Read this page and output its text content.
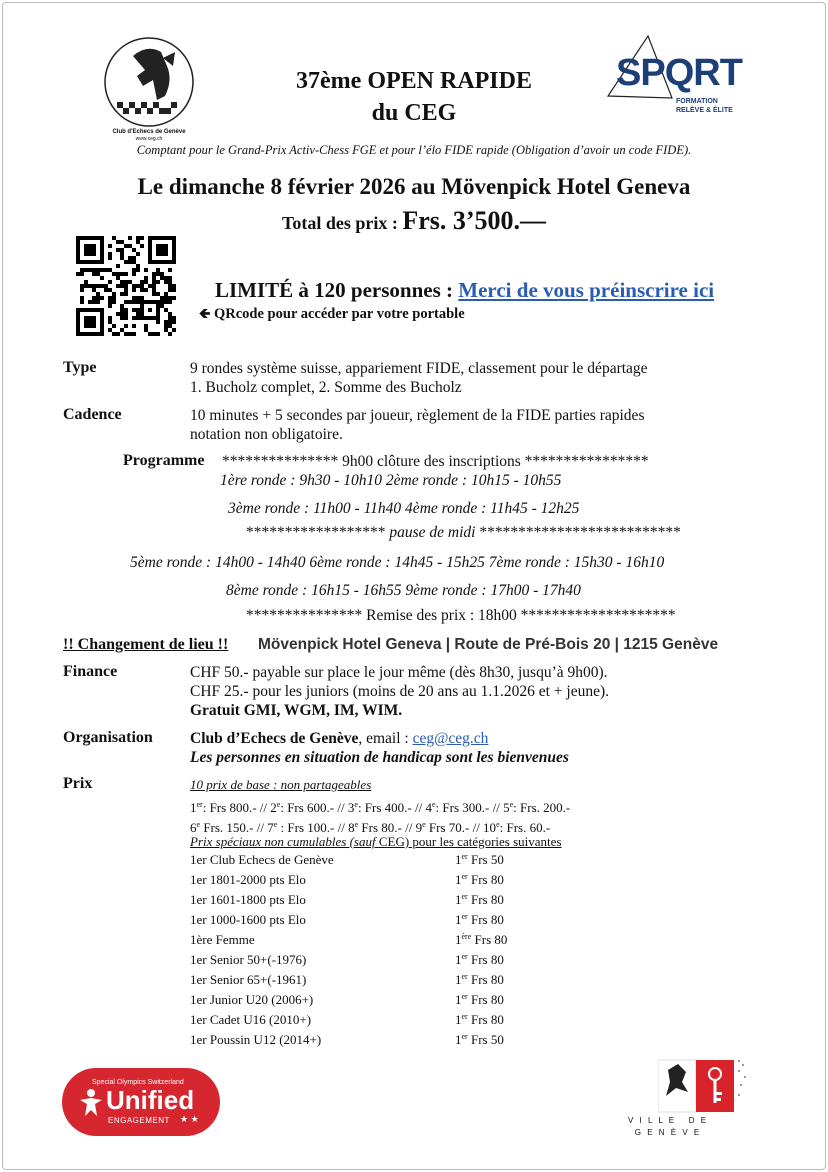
Club d'Echecs de Genève
www.ceg.ch
SPQRT
FORMATION
RELÈVE & ÉLITE
37ème OPEN RAPIDE
du CEG
Comptant pour le Grand-Prix Activ-Chess FGE et pour l’élo FIDE rapide (Obligation d’avoir un code FIDE).
Le dimanche 8 février 2026 au Mövenpick Hotel Geneva
Total des prix : Frs. 3’500.—
LIMITÉ à 120 personnes : Merci de vous préinscrire ici
🡸 QRcode pour accéder par votre portable
Type	9 rondes système suisse, appariement FIDE, classement pour le départage
1. Bucholz complet, 2. Somme des Bucholz
Cadence	10 minutes + 5 secondes par joueur, règlement de la FIDE parties rapides
notation non obligatoire.
Programme *************** 9h00 clôture des inscriptions ****************
1ère ronde : 9h30 - 10h10 2ème ronde : 10h15 - 10h55
3ème ronde : 11h00 - 11h40 4ème ronde : 11h45 - 12h25
****************** pause de midi **************************
5ème ronde : 14h00 - 14h40 6ème ronde : 14h45 - 15h25 7ème ronde : 15h30 - 16h10
8ème ronde : 16h15 - 16h55 9ème ronde : 17h00 - 17h40
*************** Remise des prix : 18h00 ********************
!! Changement de lieu !! Mövenpick Hotel Geneva | Route de Pré-Bois 20 | 1215 Genève
Finance	CHF 50.- payable sur place le jour même (dès 8h30, jusqu’à 9h00).
CHF 25.- pour les juniors (moins de 20 ans au 1.1.2026 et + jeune).
Gratuit GMI, WGM, IM, WIM.
Organisation Club d’Echecs de Genève, email : ceg@ceg.ch
Les personnes en situation de handicap sont les bienvenues
Prix	10 prix de base : non partageables
1er: Frs 800.- // 2e: Frs 600.- // 3e: Frs 400.- // 4e: Frs 300.- // 5e: Frs. 200.-
6e Frs. 150.- // 7e : Frs 100.- // 8e Frs 80.- // 9e Frs 70.- // 10e: Frs. 60.-
Prix spéciaux non cumulables (sauf CEG) pour les catégories suivantes
1er Club Echecs de Genève	1er Frs 50
1er 1801-2000 pts Elo	1er Frs 80
1er 1601-1800 pts Elo	1er Frs 80
1er 1000-1600 pts Elo	1er Frs 80
1ère Femme	1ère Frs 80
1er Senior 50+(-1976)	1er Frs 80
1er Senior 65+(-1961)	1er Frs 80
1er Junior U20 (2006+)	1er Frs 80
1er Cadet U16 (2010+)	1er Frs 80
1er Poussin U12 (2014+)	1er Frs 50
Special Olympics Switzerland
Unified
ENGAGEMENT ★ ★	V I L L E   D E
G E N È V E
